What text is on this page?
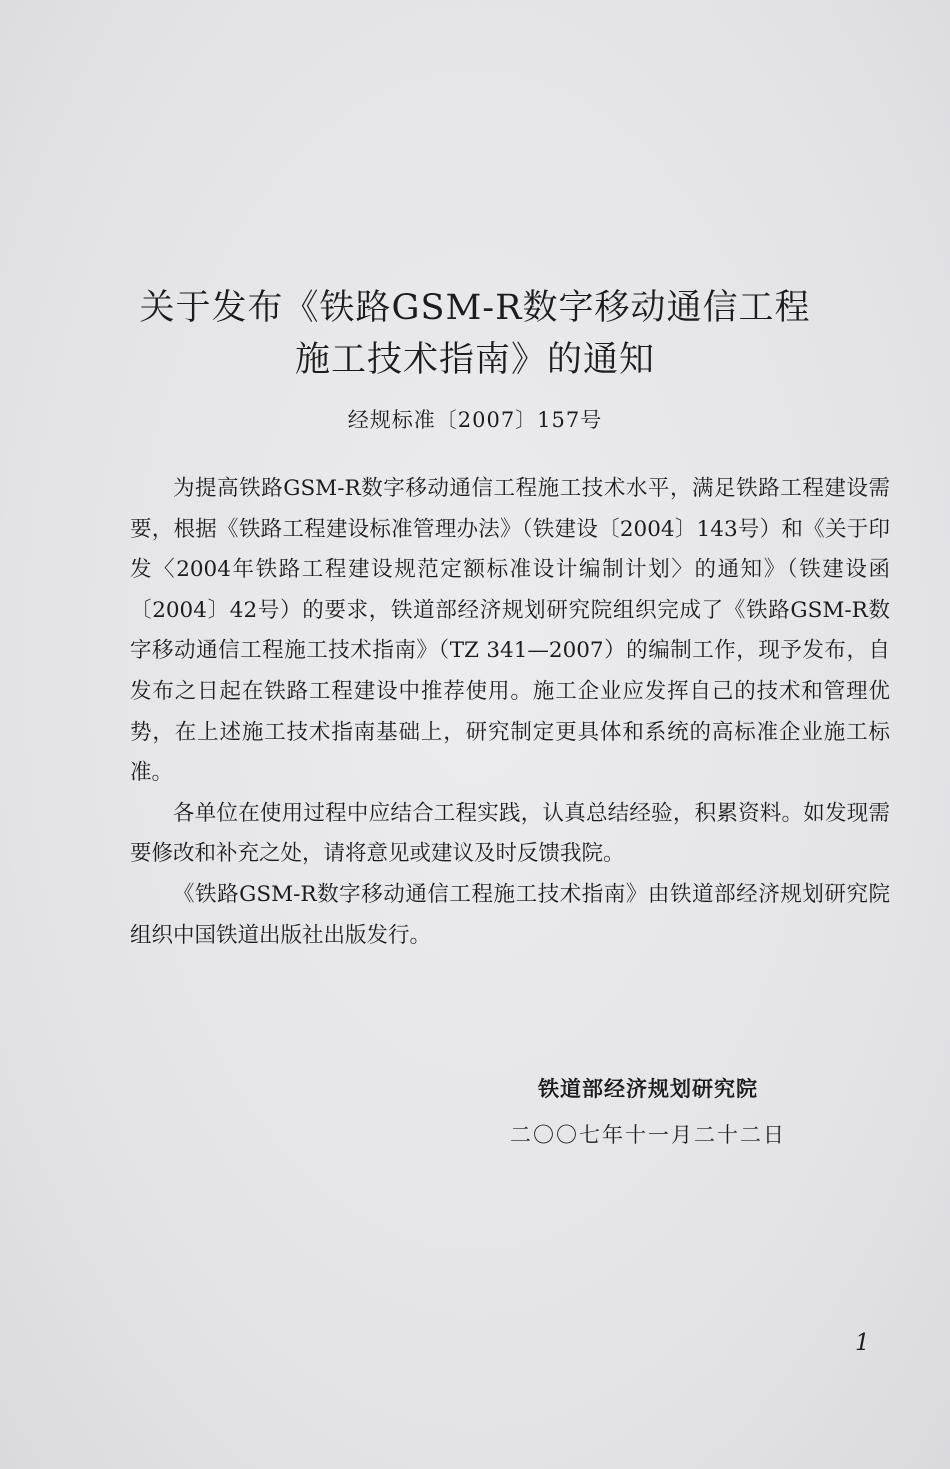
关于发布《铁路GSM-R数字移动通信工程
施工技术指南》的通知
经规标准〔2007〕157号

为提高铁路GSM-R数字移动通信工程施工技术水平，满足铁路工程建设需要，根据《铁路工程建设标准管理办法》（铁建设〔2004〕143号）和《关于印发〈2004年铁路工程建设规范定额标准设计编制计划〉的通知》（铁建设函〔2004〕42号）的要求，铁道部经济规划研究院组织完成了《铁路GSM-R数字移动通信工程施工技术指南》（TZ 341—2007）的编制工作，现予发布，自发布之日起在铁路工程建设中推荐使用。施工企业应发挥自己的技术和管理优势，在上述施工技术指南基础上，研究制定更具体和系统的高标准企业施工标准。

各单位在使用过程中应结合工程实践，认真总结经验，积累资料。如发现需要修改和补充之处，请将意见或建议及时反馈我院。

《铁路GSM-R数字移动通信工程施工技术指南》由铁道部经济规划研究院组织中国铁道出版社出版发行。

铁道部经济规划研究院
二〇〇七年十一月二十二日
1
